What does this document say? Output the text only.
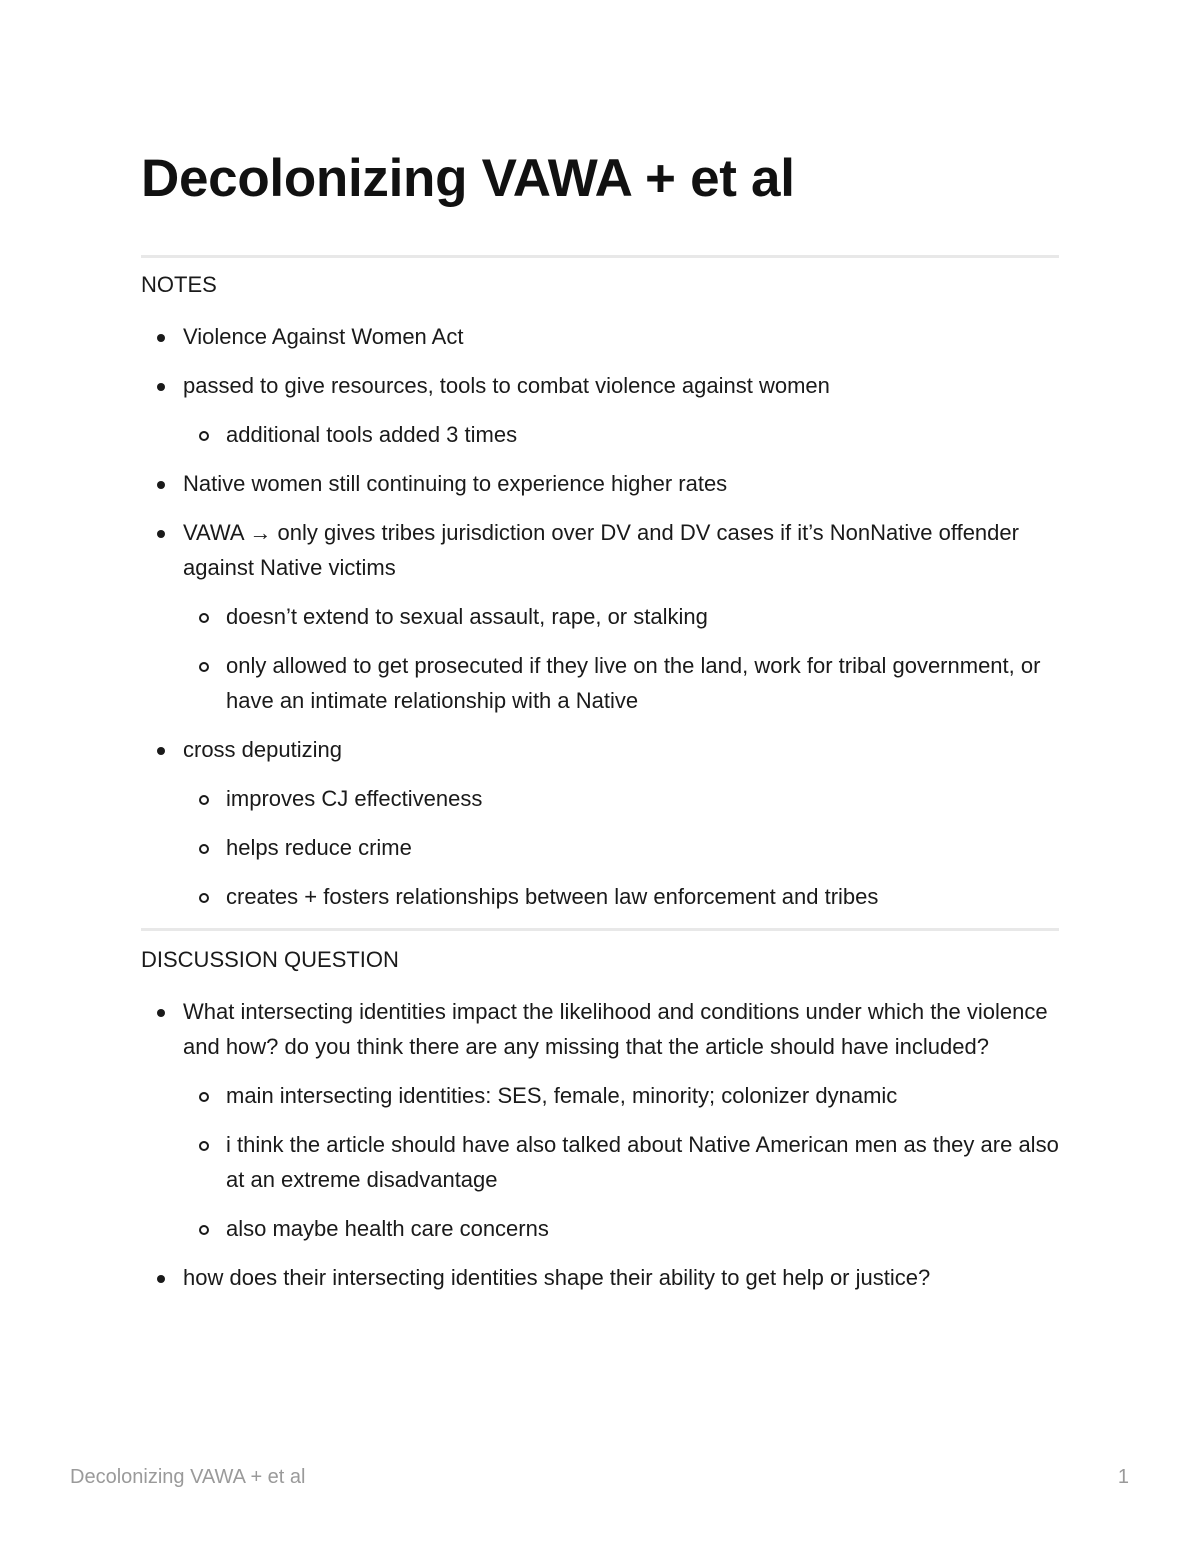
Decolonizing VAWA + et al
NOTES
Violence Against Women Act
passed to give resources, tools to combat violence against women
additional tools added 3 times
Native women still continuing to experience higher rates
VAWA → only gives tribes jurisdiction over DV and DV cases if it’s NonNative offender against Native victims
doesn’t extend to sexual assault, rape, or stalking
only allowed to get prosecuted if they live on the land, work for tribal government, or have an intimate relationship with a Native
cross deputizing
improves CJ effectiveness
helps reduce crime
creates + fosters relationships between law enforcement and tribes
DISCUSSION QUESTION
What intersecting identities impact the likelihood and conditions under which the violence and how? do you think there are any missing that the article should have included?
main intersecting identities: SES, female, minority; colonizer dynamic
i think the article should have also talked about Native American men as they are also at an extreme disadvantage
also maybe health care concerns
how does their intersecting identities shape their ability to get help or justice?
Decolonizing VAWA + et al	1
